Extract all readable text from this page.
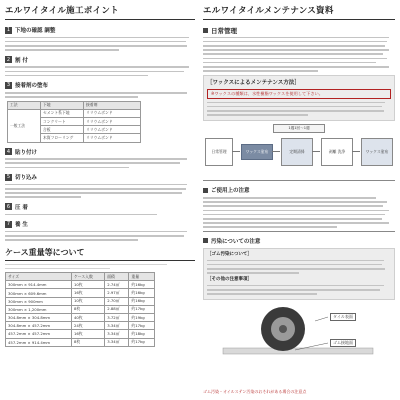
エルワイタイル施工ポイント
1 下地の確認 調整
2 割 付
3 接着剤の塗布
工法	下地	接着剤
一般工法	セメント系下地	リリウムボンド
	コンクリート	リリウムボンド
	合板	リリウムボンド
	木質フローリング	リリウムボンド
4 貼り付け
5 切り込み
6 圧 着
7 養 生
ケース重量等について
サイズ	ケース入数	面積	重量
300mm × 914.4mm	10枚	2.74㎡	約16kg
300mm × 609.6mm	16枚	2.97㎡	約16kg
300mm × 900mm	10枚	2.70㎡	約16kg
300mm × 1,200mm	8枚	2.88㎡	約17kg
304.8mm × 304.8mm	40枚	3.72㎡	約19kg
304.8mm × 457.2mm	24枚	3.34㎡	約17kg
457.2mm × 457.2mm	16枚	3.34㎡	約18kg
457.2mm × 914.4mm	8枚	3.34㎡	約17kg
エルワイタイルメンテナンス資料
日常管理
［ワックスによるメンテナンス方法］
※ワックスの種類は、水性樹脂ワックスを使用して下さい。
1週1回〜1週
日常管理	ワックス塗布	定期清掃	剥離 洗浄	ワックス塗布
ご使用上の注意
汚染についての注意
［ゴム汚染について］
［その他の注意事項］
タイル表面
ゴム接地面
ゴム汚染・オイルステン汚染のおそれがある場合の注意点
